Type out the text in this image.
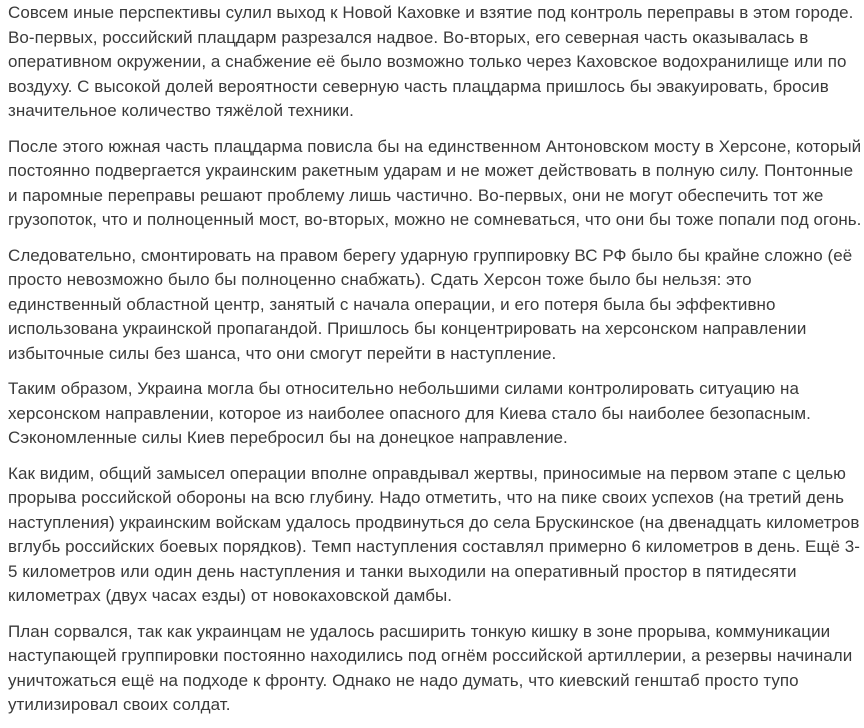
Совсем иные перспективы сулил выход к Новой Каховке и взятие под контроль переправы в этом городе. Во-первых, российский плацдарм разрезался надвое. Во-вторых, его северная часть оказывалась в оперативном окружении, а снабжение её было возможно только через Каховское водохранилище или по воздуху. С высокой долей вероятности северную часть плацдарма пришлось бы эвакуировать, бросив значительное количество тяжёлой техники.

После этого южная часть плацдарма повисла бы на единственном Антоновском мосту в Херсоне, который постоянно подвергается украинским ракетным ударам и не может действовать в полную силу. Понтонные и паромные переправы решают проблему лишь частично. Во-первых, они не могут обеспечить тот же грузопоток, что и полноценный мост, во-вторых, можно не сомневаться, что они бы тоже попали под огонь.

Следовательно, смонтировать на правом берегу ударную группировку ВС РФ было бы крайне сложно (её просто невозможно было бы полноценно снабжать). Сдать Херсон тоже было бы нельзя: это единственный областной центр, занятый с начала операции, и его потеря была бы эффективно использована украинской пропагандой. Пришлось бы концентрировать на херсонском направлении избыточные силы без шанса, что они смогут перейти в наступление.

Таким образом, Украина могла бы относительно небольшими силами контролировать ситуацию на херсонском направлении, которое из наиболее опасного для Киева стало бы наиболее безопасным. Сэкономленные силы Киев перебросил бы на донецкое направление.

Как видим, общий замысел операции вполне оправдывал жертвы, приносимые на первом этапе с целью прорыва российской обороны на всю глубину. Надо отметить, что на пике своих успехов (на третий день наступления) украинским войскам удалось продвинуться до села Брускинское (на двенадцать километров вглубь российских боевых порядков). Темп наступления составлял примерно 6 километров в день. Ещё 3-5 километров или один день наступления и танки выходили на оперативный простор в пятидесяти километрах (двух часах езды) от новокаховской дамбы.

План сорвался, так как украинцам не удалось расширить тонкую кишку в зоне прорыва, коммуникации наступающей группировки постоянно находились под огнём российской артиллерии, а резервы начинали уничтожаться ещё на подходе к фронту. Однако не надо думать, что киевский генштаб просто тупо утилизировал своих солдат.
